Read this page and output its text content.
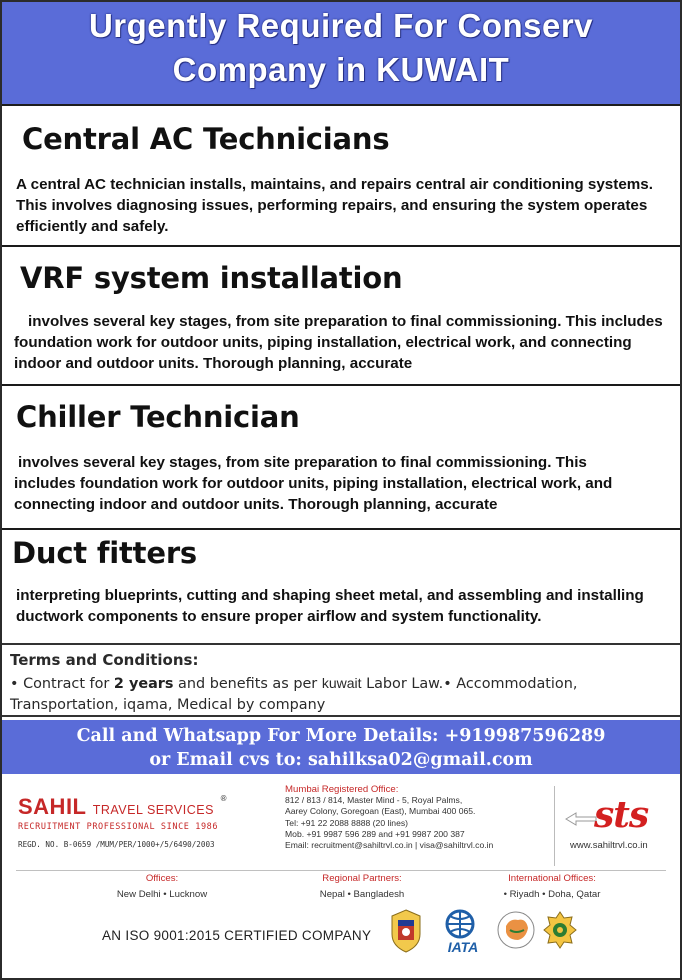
Urgently Required For Conserv
Company in KUWAIT
Central AC Technicians
A central AC technician installs, maintains, and repairs central air conditioning systems. This involves diagnosing issues, performing repairs, and ensuring the system operates efficiently and safely.
VRF system installation
involves several key stages, from site preparation to final commissioning. This includes foundation work for outdoor units, piping installation, electrical work, and connecting indoor and outdoor units. Thorough planning, accurate
Chiller Technician
involves several key stages, from site preparation to final commissioning. This includes foundation work for outdoor units, piping installation, electrical work, and connecting indoor and outdoor units. Thorough planning, accurate
Duct fitters
interpreting blueprints, cutting and shaping sheet metal, and assembling and installing ductwork components to ensure proper airflow and system functionality.
Terms and Conditions:
• Contract for 2 years and benefits as per kuwait Labor Law.• Accommodation, Transportation, iqama, Medical by company
Call and Whatsapp For More Details: +919987596289
or Email cvs to: sahilksa02@gmail.com
SAHIL TRAVEL SERVICES ®
RECRUITMENT PROFESSIONAL SINCE 1986
REGD. NO. B-0659 /MUM/PER/1000+/5/6490/2003
Mumbai Registered Office:
812 / 813 / 814, Master Mind - 5, Royal Palms,
Aarey Colony, Goregoan (East), Mumbai 400 065.
Tel: +91 22 2088 8888 (20 lines)
Mob. +91 9987 596 289 and +91 9987 200 387
Email: recruitment@sahiltrvl.co.in | visa@sahiltrvl.co.in
sts
www.sahiltrvl.co.in
Offices:
New Delhi • Lucknow
Regional Partners:
Nepal • Bangladesh
International Offices:
• Riyadh • Doha, Qatar
AN ISO 9001:2015 CERTIFIED COMPANY
IATA
